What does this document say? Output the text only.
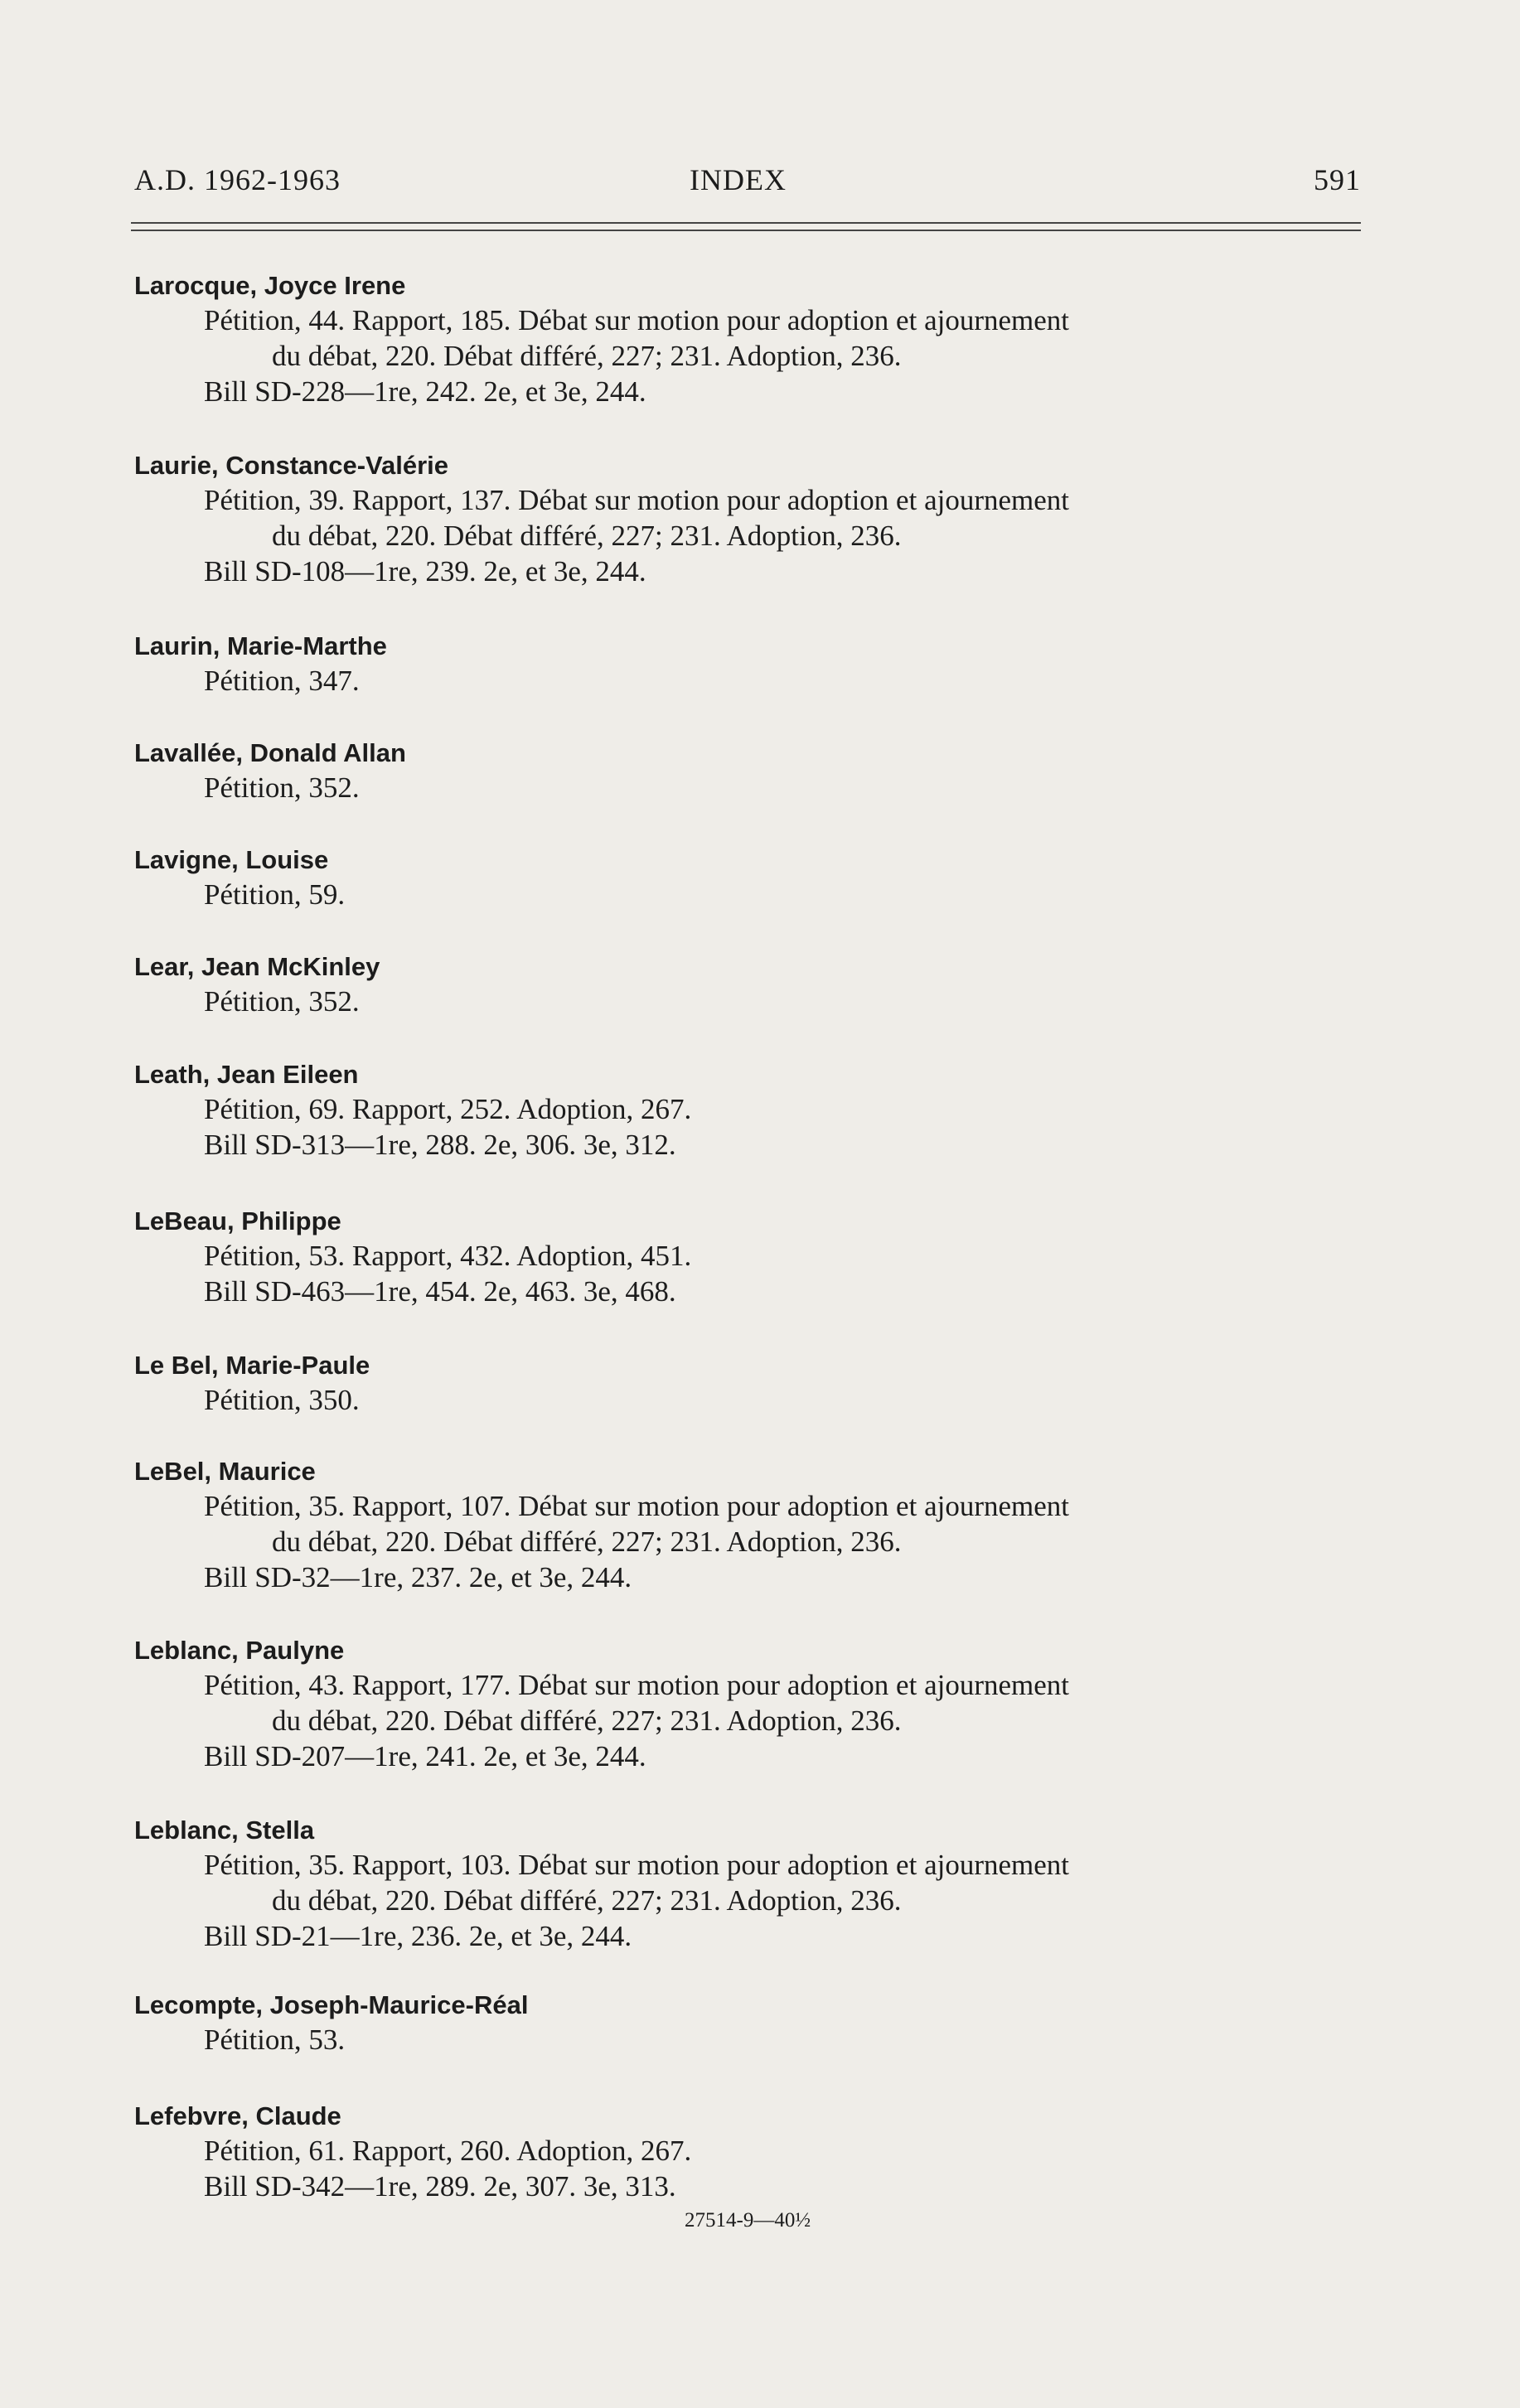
A.D. 1962-1963	INDEX	591
Larocque, Joyce Irene
Pétition, 44. Rapport, 185. Débat sur motion pour adoption et ajournement
du débat, 220. Débat différé, 227; 231. Adoption, 236.
Bill SD-228—1re, 242. 2e, et 3e, 244.
Laurie, Constance-Valérie
Pétition, 39. Rapport, 137. Débat sur motion pour adoption et ajournement
du débat, 220. Débat différé, 227; 231. Adoption, 236.
Bill SD-108—1re, 239. 2e, et 3e, 244.
Laurin, Marie-Marthe
Pétition, 347.
Lavallée, Donald Allan
Pétition, 352.
Lavigne, Louise
Pétition, 59.
Lear, Jean McKinley
Pétition, 352.
Leath, Jean Eileen
Pétition, 69. Rapport, 252. Adoption, 267.
Bill SD-313—1re, 288. 2e, 306. 3e, 312.
LeBeau, Philippe
Pétition, 53. Rapport, 432. Adoption, 451.
Bill SD-463—1re, 454. 2e, 463. 3e, 468.
Le Bel, Marie-Paule
Pétition, 350.
LeBel, Maurice
Pétition, 35. Rapport, 107. Débat sur motion pour adoption et ajournement
du débat, 220. Débat différé, 227; 231. Adoption, 236.
Bill SD-32—1re, 237. 2e, et 3e, 244.
Leblanc, Paulyne
Pétition, 43. Rapport, 177. Débat sur motion pour adoption et ajournement
du débat, 220. Débat différé, 227; 231. Adoption, 236.
Bill SD-207—1re, 241. 2e, et 3e, 244.
Leblanc, Stella
Pétition, 35. Rapport, 103. Débat sur motion pour adoption et ajournement
du débat, 220. Débat différé, 227; 231. Adoption, 236.
Bill SD-21—1re, 236. 2e, et 3e, 244.
Lecompte, Joseph-Maurice-Réal
Pétition, 53.
Lefebvre, Claude
Pétition, 61. Rapport, 260. Adoption, 267.
Bill SD-342—1re, 289. 2e, 307. 3e, 313.
27514-9—40½
